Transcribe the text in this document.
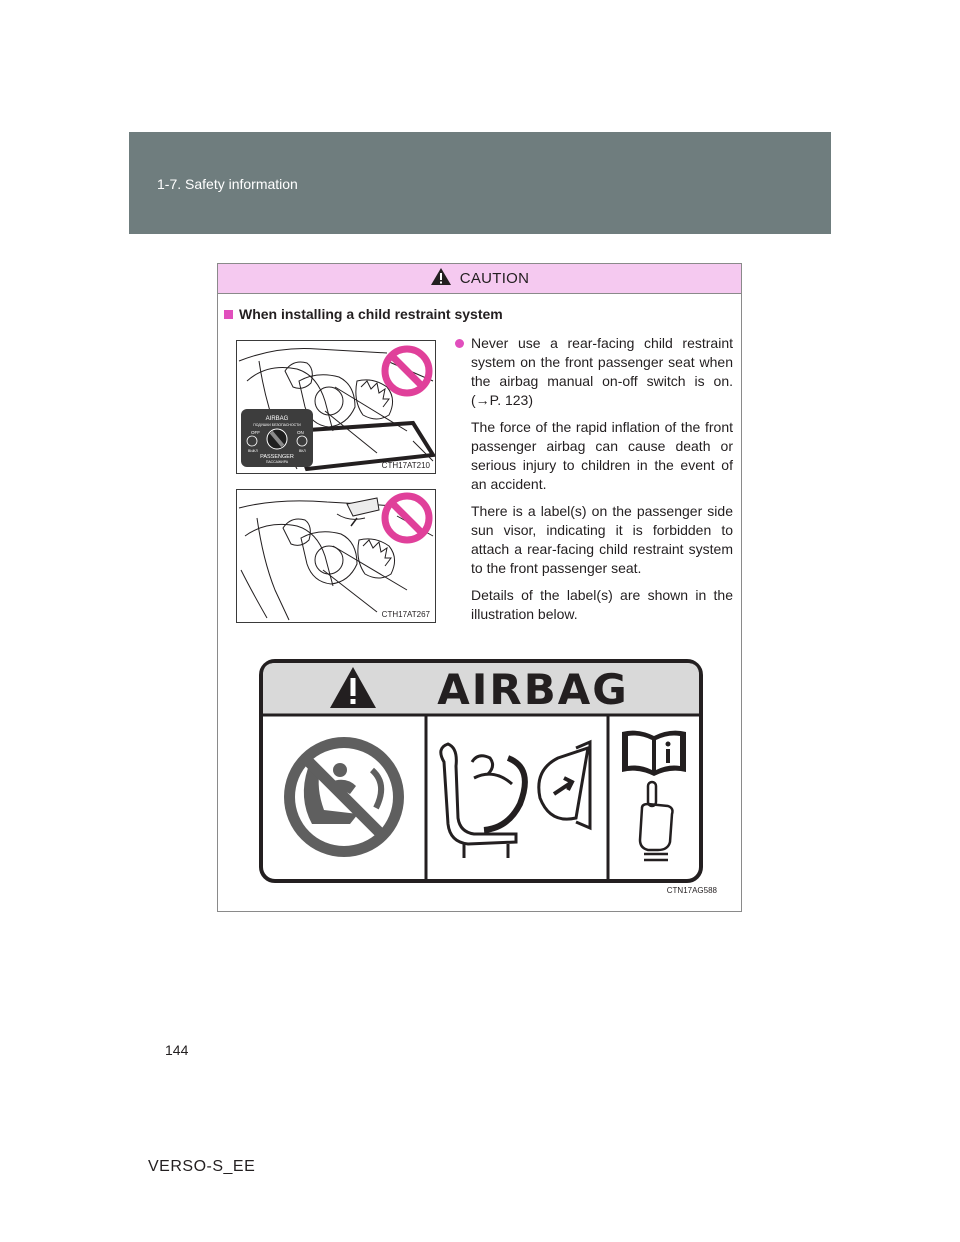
1-7. Safety information
CAUTION
When installing a child restraint system
AIRBAG
ПОДУШКИ БЕЗОПАСНОСТИ
OFF	ON
ВЫКЛ	ВКЛ
PASSENGER
ПАССАЖИРА	CTH17AT210
CTH17AT267
Never use a rear-facing child restraint system on the front passenger seat when the airbag manual on-off switch is on. (→P. 123)

The force of the rapid inflation of the front passenger airbag can cause death or serious injury to children in the event of an accident.

There is a label(s) on the passenger side sun visor, indicating it is forbidden to attach a rear-facing child restraint system to the front passenger seat.

Details of the label(s) are shown in the illustration below.

AIRBAG
CTN17AG588
144
VERSO-S_EE
